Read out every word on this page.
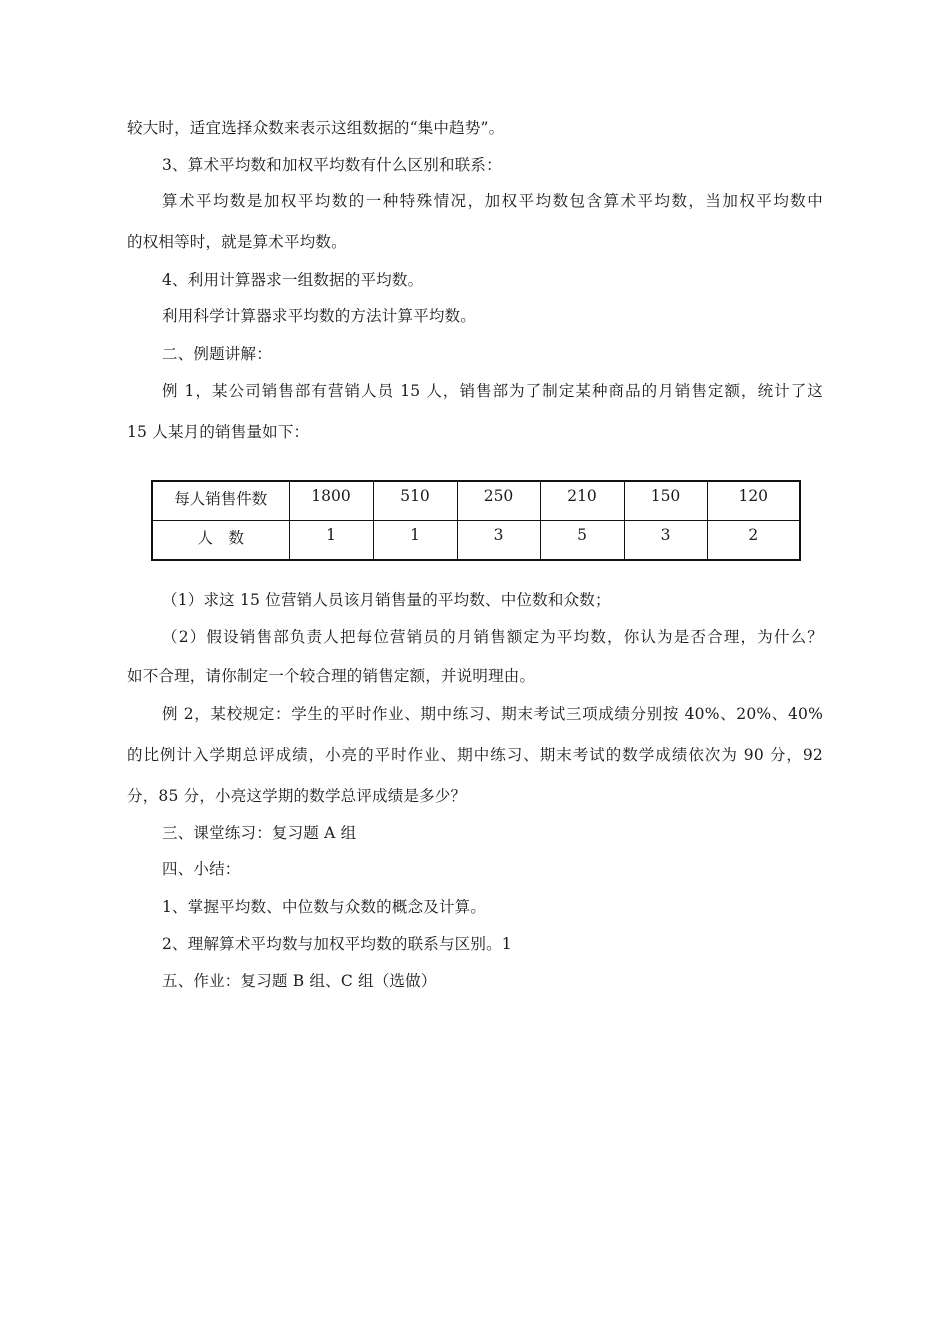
较大时，适宜选择众数来表示这组数据的“集中趋势”。
3、算术平均数和加权平均数有什么区别和联系：
算术平均数是加权平均数的一种特殊情况，加权平均数包含算术平均数，当加权平均数中
的权相等时，就是算术平均数。
4、利用计算器求一组数据的平均数。
利用科学计算器求平均数的方法计算平均数。
二、例题讲解：
例 1，某公司销售部有营销人员 15 人，销售部为了制定某种商品的月销售定额，统计了这
15 人某月的销售量如下：
每人销售件数	1800	510	250	210	150	120
人　数	1	1	3	5	3	2
（1）求这 15 位营销人员该月销售量的平均数、中位数和众数；
（2）假设销售部负责人把每位营销员的月销售额定为平均数，你认为是否合理，为什么？
如不合理，请你制定一个较合理的销售定额，并说明理由。
例 2，某校规定：学生的平时作业、期中练习、期末考试三项成绩分别按 40%、20%、40%
的比例计入学期总评成绩，小亮的平时作业、期中练习、期末考试的数学成绩依次为 90 分，92
分，85 分，小亮这学期的数学总评成绩是多少？
三、课堂练习：复习题 A 组
四、小结：
1、掌握平均数、中位数与众数的概念及计算。
2、理解算术平均数与加权平均数的联系与区别。1
五、作业：复习题 B 组、C 组（选做）
